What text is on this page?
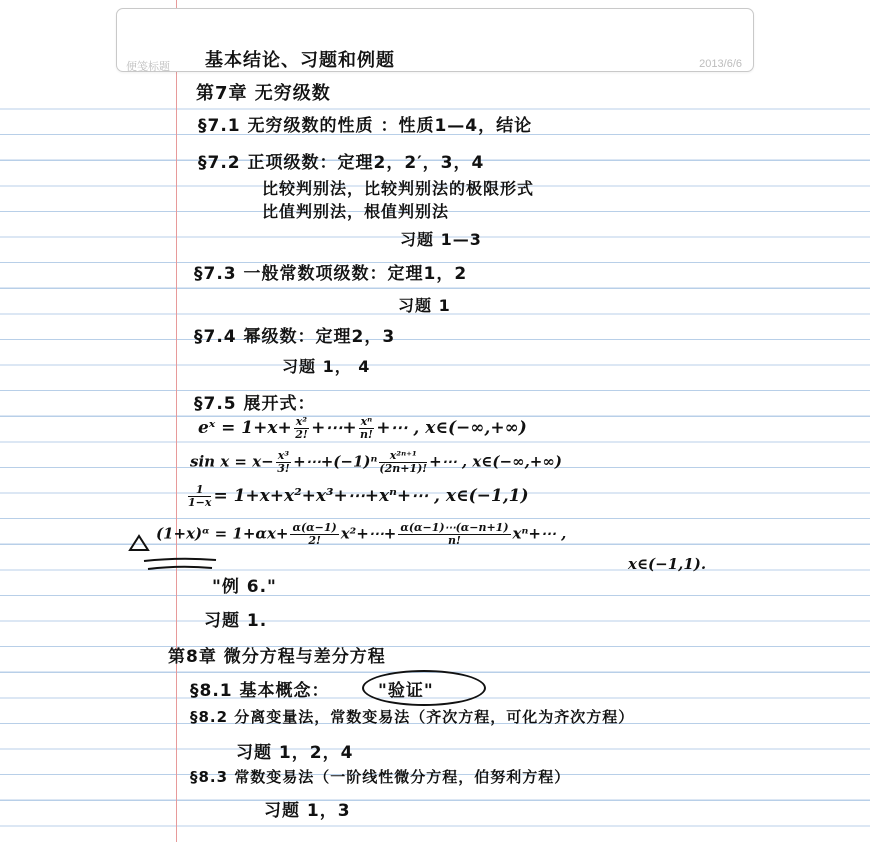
便笺标题	2013/6/6
基本结论、习题和例题
第7章 无穷级数
§7.1 无穷级数的性质 ：性质1—4，结论
§7.2 正项级数：定理2，2′，3，4
比较判别法，比较判别法的极限形式
比值判别法，根值判别法
习题 1—3
§7.3 一般常数项级数：定理1，2
习题 1
§7.4 幂级数：定理2，3
习题 1， 4
§7.5 展开式：
eˣ = $1+x+ \frac{\text{x²}}{2!}$ +⋯+ $\frac{\text{xⁿ}}{n!}$ +⋯ , x∈(−∞,+∞)
$\sin x = x- \frac{\text{x³}}{3!}$ +⋯+(−1)ⁿ $\frac{\text{x²ⁿ⁺¹}}{(2n+1)!}$ +⋯ , x∈(−∞,+∞)
$\frac{1}{1-x}$ = 1+x+x²+x³+⋯+xⁿ+⋯ , x∈(−1,1)
(1+x)ᵅ = $1+\alpha x+ \frac{\alpha(\alpha-1)}{2!}$ x²+⋯+ $\frac{\alpha(\alpha-1)\cdots(\alpha-n+1)}{n!}$ xⁿ+⋯ ,
x∈(−1,1).
"例 6."
习题 1.
第8章 微分方程与差分方程
§8.1 基本概念：	"验证"
§8.2 分离变量法，常数变易法（齐次方程，可化为齐次方程）
习题 1，2，4
§8.3 常数变易法（一阶线性微分方程，伯努利方程）
习题 1，3
